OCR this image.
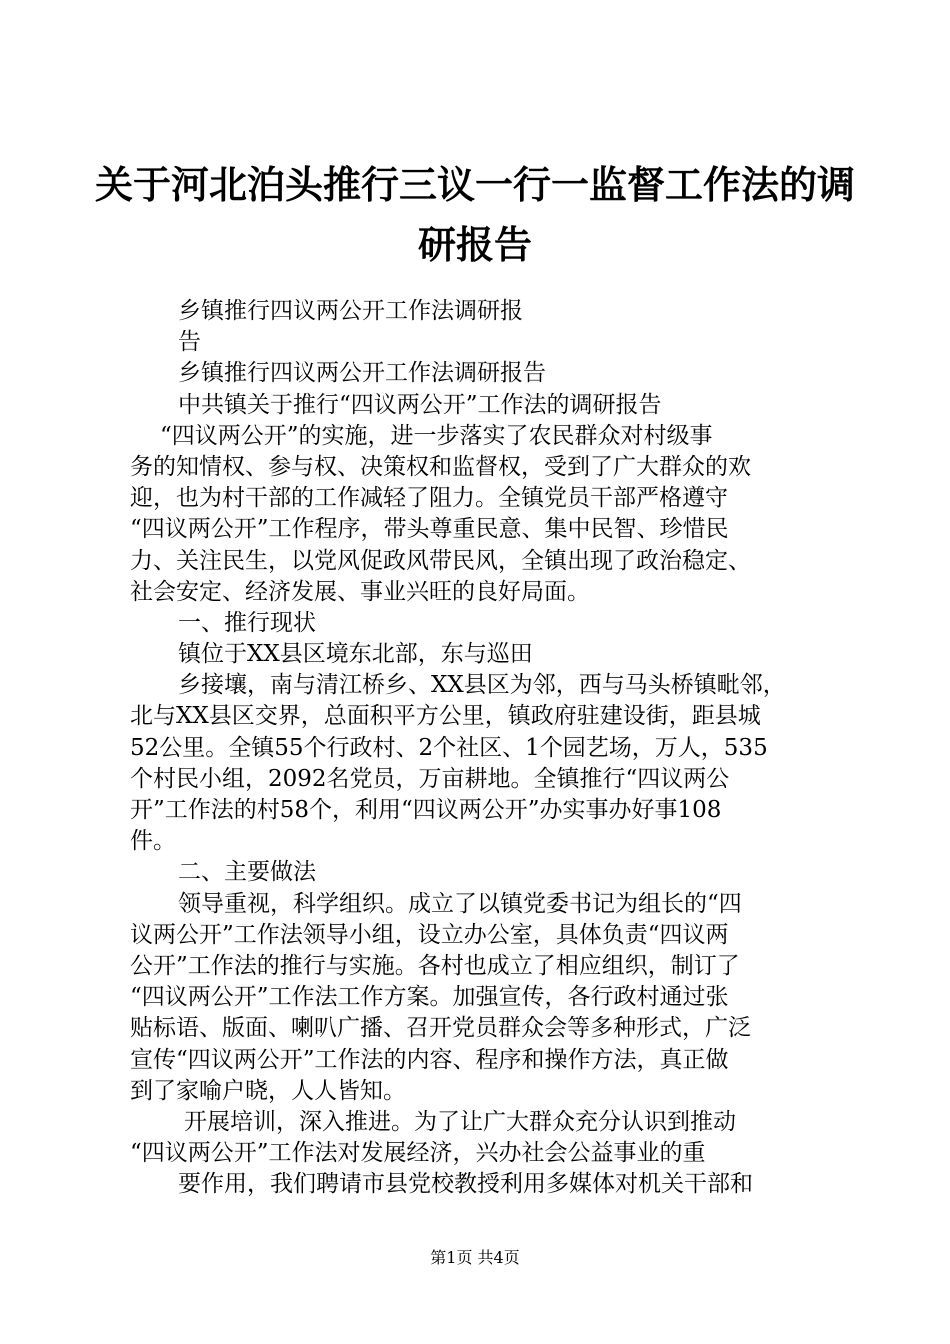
关于河北泊头推行三议一行一监督工作法的调
研报告
乡镇推行四议两公开工作法调研报
告
乡镇推行四议两公开工作法调研报告
中共镇关于推行“四议两公开”工作法的调研报告
“四议两公开”的实施，进一步落实了农民群众对村级事
务的知情权、参与权、决策权和监督权，受到了广大群众的欢
迎，也为村干部的工作减轻了阻力。全镇党员干部严格遵守
“四议两公开”工作程序，带头尊重民意、集中民智、珍惜民
力、关注民生，以党风促政风带民风，全镇出现了政治稳定、
社会安定、经济发展、事业兴旺的良好局面。
一、推行现状
镇位于XX县区境东北部，东与巡田
乡接壤，南与清江桥乡、XX县区为邻，西与马头桥镇毗邻，
北与XX县区交界，总面积平方公里，镇政府驻建设街，距县城
52公里。全镇55个行政村、2个社区、1个园艺场，万人，535
个村民小组，2092名党员，万亩耕地。全镇推行“四议两公
开”工作法的村58个，利用“四议两公开”办实事办好事108
件。
二、主要做法
领导重视，科学组织。成立了以镇党委书记为组长的“四
议两公开”工作法领导小组，设立办公室，具体负责“四议两
公开”工作法的推行与实施。各村也成立了相应组织，制订了
“四议两公开”工作法工作方案。加强宣传，各行政村通过张
贴标语、版面、喇叭广播、召开党员群众会等多种形式，广泛
宣传“四议两公开”工作法的内容、程序和操作方法，真正做
到了家喻户晓，人人皆知。
开展培训，深入推进。为了让广大群众充分认识到推动
“四议两公开”工作法对发展经济，兴办社会公益事业的重
要作用，我们聘请市县党校教授利用多媒体对机关干部和
第1页 共4页
